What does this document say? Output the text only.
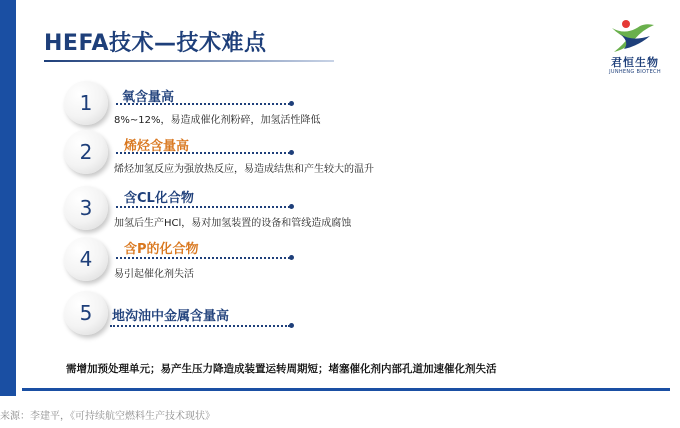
HEFA技术—技术难点
君恒生物
JUNHENG BIOTECH
1	氧含量高
8%~12%，易造成催化剂粉碎，加氢活性降低
2	烯烃含量高
烯烃加氢反应为强放热反应，易造成结焦和产生较大的温升
3	含CL化合物
加氢后生产HCl，易对加氢装置的设备和管线造成腐蚀
4	含P的化合物
易引起催化剂失活
5	地沟油中金属含量高
需增加预处理单元；易产生压力降造成装置运转周期短；堵塞催化剂内部孔道加速催化剂失活
来源：李建平，《可持续航空燃料生产技术现状》
